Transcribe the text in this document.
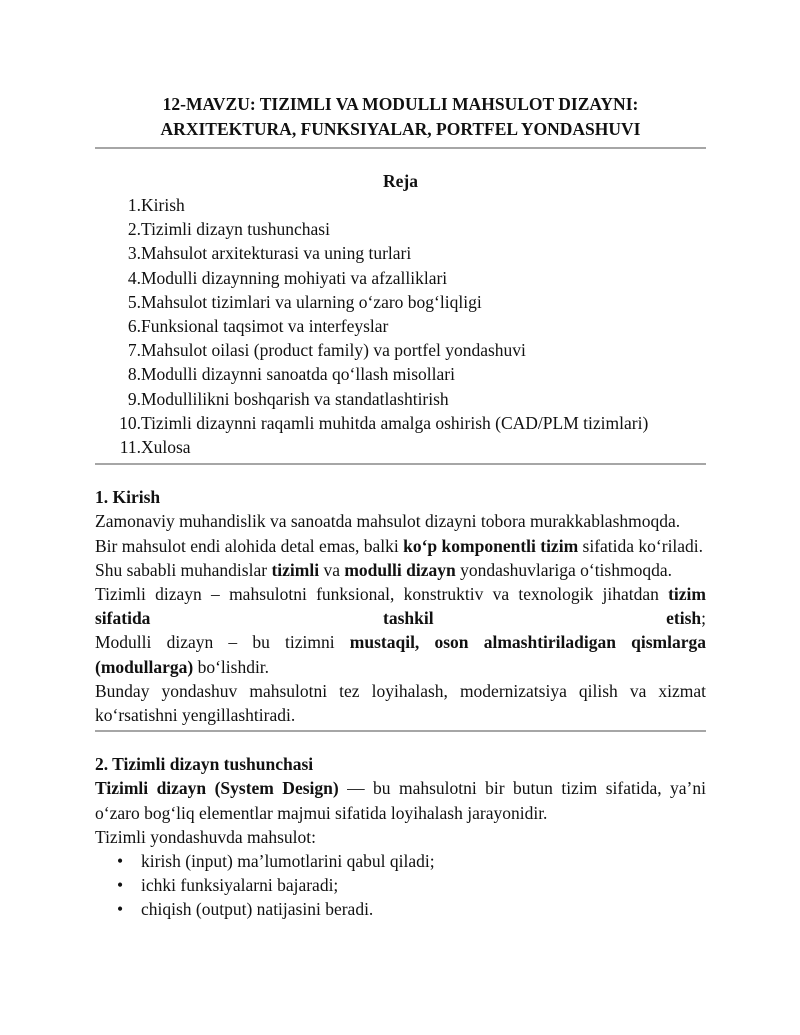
12-MAVZU: TIZIMLI VA MODULLI MAHSULOT DIZAYNI:
ARXITEKTURA, FUNKSIYALAR, PORTFEL YONDASHUVI
Reja
1. Kirish
2. Tizimli dizayn tushunchasi
3. Mahsulot arxitekturasi va uning turlari
4. Modulli dizaynning mohiyati va afzalliklari
5. Mahsulot tizimlari va ularning o‘zaro bog‘liqligi
6. Funksional taqsimot va interfeyslar
7. Mahsulot oilasi (product family) va portfel yondashuvi
8. Modulli dizaynni sanoatda qo‘llash misollari
9. Modullilikni boshqarish va standatlashtirish
10. Tizimli dizaynni raqamli muhitda amalga oshirish (CAD/PLM tizimlari)
11. Xulosa

1. Kirish

Zamonaviy muhandislik va sanoatda mahsulot dizayni tobora murakkablashmoqda.

Bir mahsulot endi alohida detal emas, balki ko‘p komponentli tizim sifatida ko‘riladi.

Shu sababli muhandislar tizimli va modulli dizayn yondashuvlariga o‘tishmoqda.

Tizimli dizayn – mahsulotni funksional, konstruktiv va texnologik jihatdan tizim sifatida	tashkil	etish;

Modulli dizayn – bu tizimni mustaqil, oson almashtiriladigan qismlarga (modullarga) bo‘lishdir.

Bunday yondashuv mahsulotni tez loyihalash, modernizatsiya qilish va xizmat ko‘rsatishni yengillashtiradi.

2. Tizimli dizayn tushunchasi

Tizimli dizayn (System Design) — bu mahsulotni bir butun tizim sifatida, ya’ni o‘zaro bog‘liq elementlar majmui sifatida loyihalash jarayonidir.

Tizimli yondashuvda mahsulot:

•	kirish (input) ma’lumotlarini qabul qiladi;
•	ichki funksiyalarni bajaradi;
•	chiqish (output) natijasini beradi.
